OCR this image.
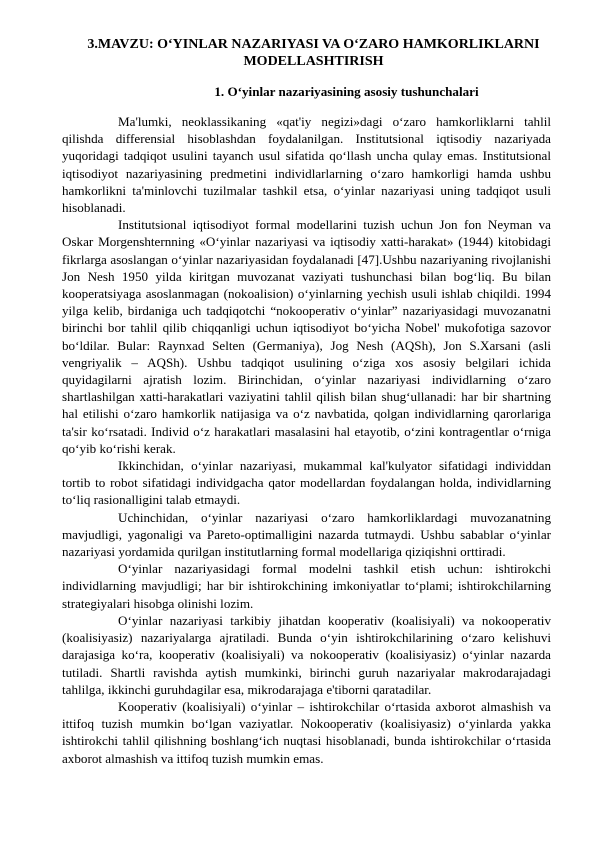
3.MAVZU: O‘YINLAR NAZARIYASI VA O‘ZARO HAMKORLIKLARNI MODELLASHTIRISH
1. O‘yinlar nazariyasining asosiy tushunchalari

Ma'lumki, neoklassikaning «qat'iy negizi»dagi o‘zaro hamkorliklarni tahlil qilishda differensial hisoblashdan foydalanilgan. Institutsional iqtisodiy nazariyada yuqoridagi tadqiqot usulini tayanch usul sifatida qo‘llash uncha qulay emas. Institutsional iqtisodiyot nazariyasining predmetini individlarlarning o‘zaro hamkorligi hamda ushbu hamkorlikni ta'minlovchi tuzilmalar tashkil etsa, o‘yinlar nazariyasi uning tadqiqot usuli hisoblanadi.

Institutsional iqtisodiyot formal modellarini tuzish uchun Jon fon Neyman va Oskar Morgenshternning «O‘yinlar nazariyasi va iqtisodiy xatti-harakat» (1944) kitobidagi fikrlarga asoslangan o‘yinlar nazariyasidan foydalanadi [47].Ushbu nazariyaning rivojlanishi Jon Nesh 1950 yilda kiritgan muvozanat vaziyati tushunchasi bilan bog‘liq. Bu bilan kooperatsiyaga asoslanmagan (nokoalision) o‘yinlarning yechish usuli ishlab chiqildi. 1994 yilga kelib, birdaniga uch tadqiqotchi “nokooperativ o‘yinlar” nazariyasidagi muvozanatni birinchi bor tahlil qilib chiqqanligi uchun iqtisodiyot bo‘yicha Nobel' mukofotiga sazovor bo‘ldilar. Bular: Raynxad Selten (Germaniya), Jog Nesh (AQSh), Jon S.Xarsani (asli vengriyalik – AQSh). Ushbu tadqiqot usulining o‘ziga xos asosiy belgilari ichida quyidagilarni ajratish lozim. Birinchidan, o‘yinlar nazariyasi individlarning o‘zaro shartlashilgan xatti-harakatlari vaziyatini tahlil qilish bilan shug‘ullanadi: har bir shartning hal etilishi o‘zaro hamkorlik natijasiga va o‘z navbatida, qolgan individlarning qarorlariga ta'sir ko‘rsatadi. Individ o‘z harakatlari masalasini hal etayotib, o‘zini kontragentlar o‘rniga qo‘yib ko‘rishi kerak.

Ikkinchidan, o‘yinlar nazariyasi, mukammal kal'kulyator sifatidagi individdan tortib to robot sifatidagi individgacha qator modellardan foydalangan holda, individlarning to‘liq rasionalligini talab etmaydi.

Uchinchidan, o‘yinlar nazariyasi o‘zaro hamkorliklardagi muvozanatning mavjudligi, yagonaligi va Pareto-optimalligini nazarda tutmaydi. Ushbu sabablar o‘yinlar nazariyasi yordamida qurilgan institutlarning formal modellariga qiziqishni orttiradi.

O‘yinlar nazariyasidagi formal modelni tashkil etish uchun: ishtirokchi individlarning mavjudligi; har bir ishtirokchining imkoniyatlar to‘plami; ishtirokchilarning strategiyalari hisobga olinishi lozim.

O‘yinlar nazariyasi tarkibiy jihatdan kooperativ (koalisiyali) va nokooperativ (koalisiyasiz) nazariyalarga ajratiladi. Bunda o‘yin ishtirokchilarining o‘zaro kelishuvi darajasiga ko‘ra, kooperativ (koalisiyali) va nokooperativ (koalisiyasiz) o‘yinlar nazarda tutiladi. Shartli ravishda aytish mumkinki, birinchi guruh nazariyalar makrodarajadagi tahlilga, ikkinchi guruhdagilar esa, mikrodarajaga e'tiborni qaratadilar.

Kooperativ (koalisiyali) o‘yinlar – ishtirokchilar o‘rtasida axborot almashish va ittifoq tuzish mumkin bo‘lgan vaziyatlar. Nokooperativ (koalisiyasiz) o‘yinlarda yakka ishtirokchi tahlil qilishning boshlang‘ich nuqtasi hisoblanadi, bunda ishtirokchilar o‘rtasida axborot almashish va ittifoq tuzish mumkin emas.
